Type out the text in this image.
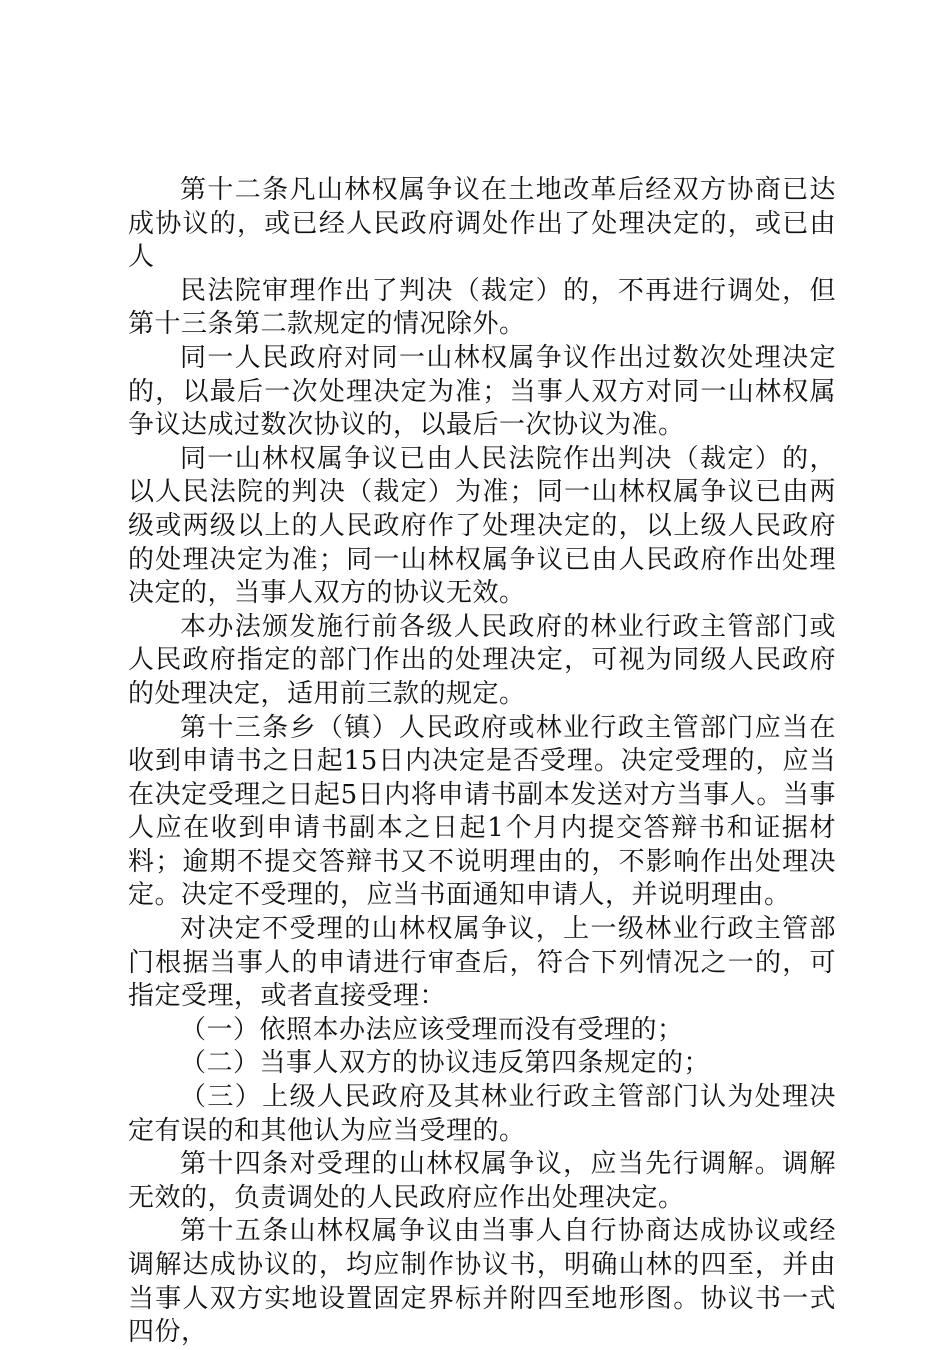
第十二条凡山林权属争议在土地改革后经双方协商已达成协议的，或已经人民政府调处作出了处理决定的，或已由人

民法院审理作出了判决（裁定）的，不再进行调处，但第十三条第二款规定的情况除外。

同一人民政府对同一山林权属争议作出过数次处理决定的，以最后一次处理决定为准；当事人双方对同一山林权属争议达成过数次协议的，以最后一次协议为准。

同一山林权属争议已由人民法院作出判决（裁定）的，以人民法院的判决（裁定）为准；同一山林权属争议已由两级或两级以上的人民政府作了处理决定的，以上级人民政府的处理决定为准；同一山林权属争议已由人民政府作出处理决定的，当事人双方的协议无效。

本办法颁发施行前各级人民政府的林业行政主管部门或人民政府指定的部门作出的处理决定，可视为同级人民政府的处理决定，适用前三款的规定。

第十三条乡（镇）人民政府或林业行政主管部门应当在收到申请书之日起15日内决定是否受理。决定受理的，应当在决定受理之日起5日内将申请书副本发送对方当事人。当事人应在收到申请书副本之日起1个月内提交答辩书和证据材料；逾期不提交答辩书又不说明理由的，不影响作出处理决定。决定不受理的，应当书面通知申请人，并说明理由。

对决定不受理的山林权属争议，上一级林业行政主管部门根据当事人的申请进行审查后，符合下列情况之一的，可指定受理，或者直接受理：

（一）依照本办法应该受理而没有受理的；

（二）当事人双方的协议违反第四条规定的；

（三）上级人民政府及其林业行政主管部门认为处理决定有误的和其他认为应当受理的。

第十四条对受理的山林权属争议，应当先行调解。调解无效的，负责调处的人民政府应作出处理决定。

第十五条山林权属争议由当事人自行协商达成协议或经调解达成协议的，均应制作协议书，明确山林的四至，并由当事人双方实地设置固定界标并附四至地形图。协议书一式四份，
